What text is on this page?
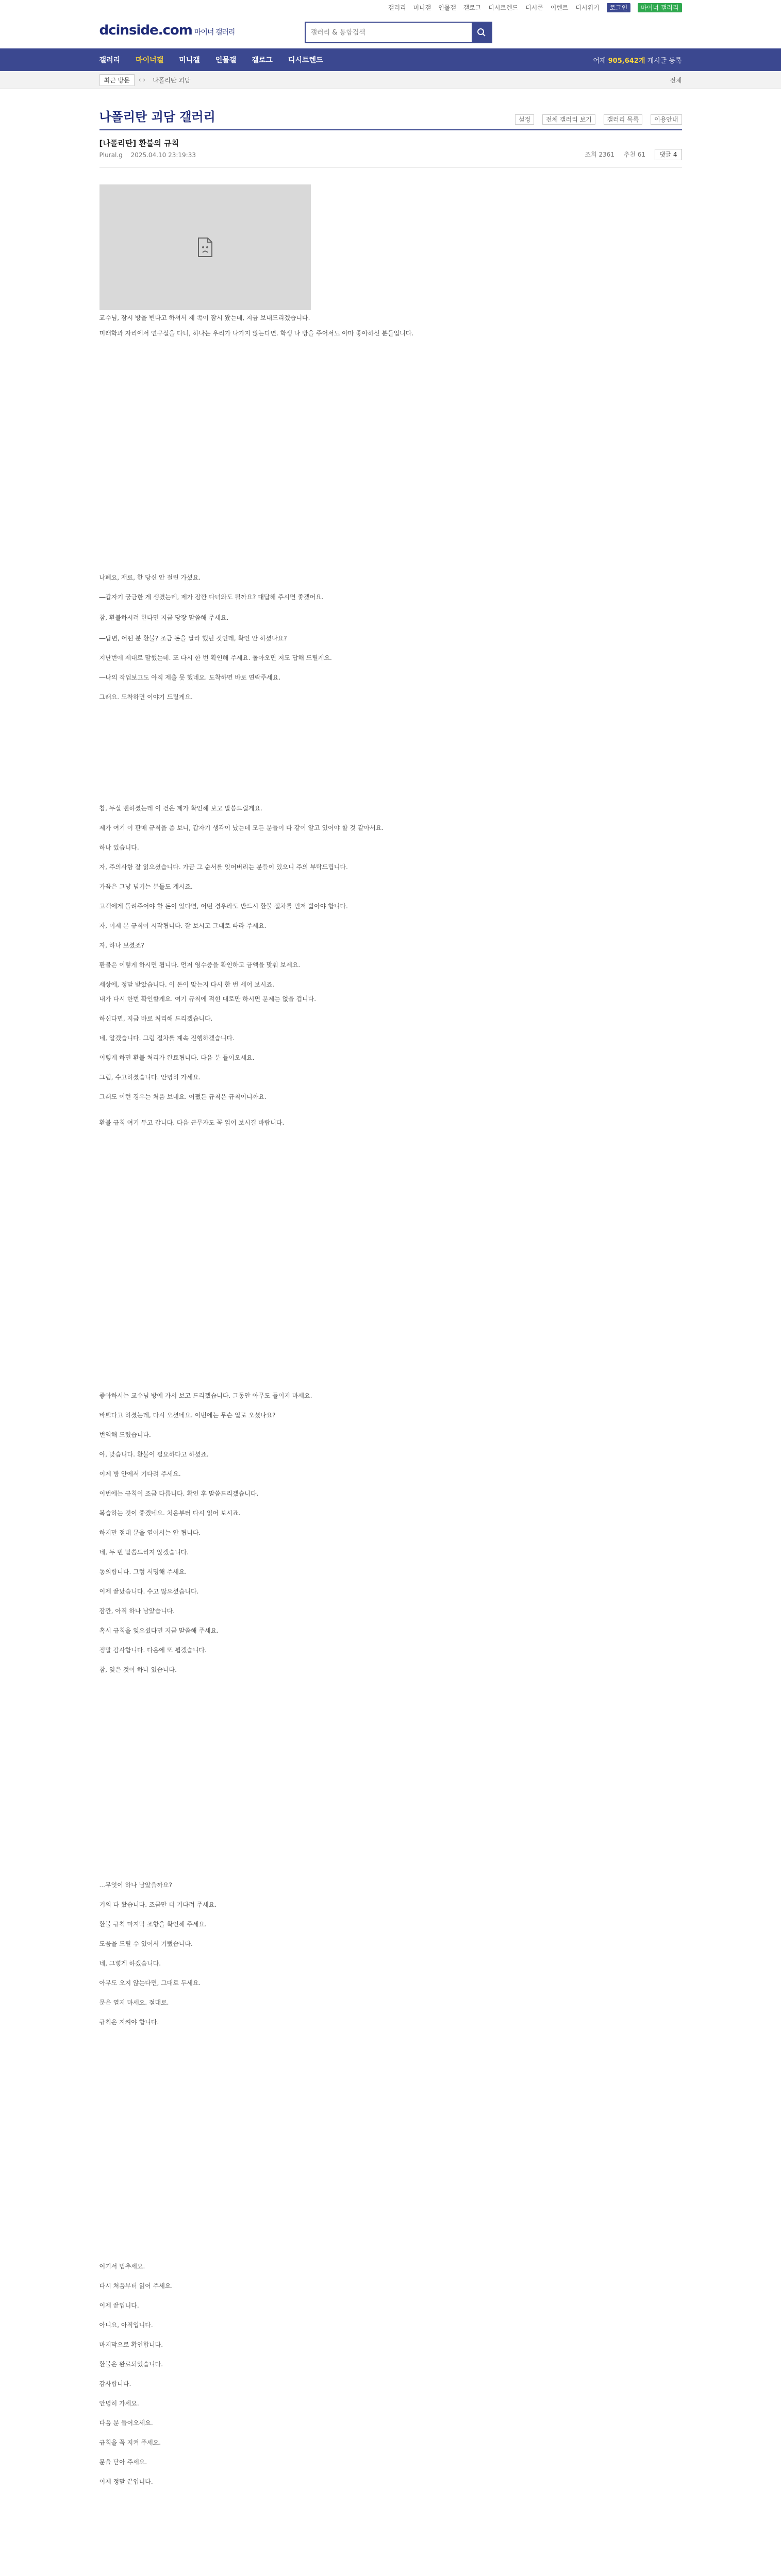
갤러리 미니갤 인물갤 갤로그 디시트렌드 디시콘 이벤트 디시위키 로그인 마이너 갤러리
dcinside.com 마이너 갤러리
갤러리 & 통합검색
갤러리 마이너갤 미니갤 인물갤 갤로그 디시트렌드	어제 905,642개 게시글 등록
최근 방문	‹ › 나폴리탄 괴담	전체
나폴리탄 괴담 갤러리	설정 전체 갤러리 보기 갤러리 목록 이용안내
[나폴리탄] 환불의 규칙
Plural.g 2025.04.10 23:19:33	조회 2361 추천 61 댓글 4
교수님, 잠시 방을 빈다고 하셔서 제 쪽이 잠시 왔는데, 지금 보내드리겠습니다.
미래학과 자리에서 연구실을 다녀, 하나는 우리가 나가지 않는다면. 학생 나 방을 주어서도 아마 좋아하신 분들입니다.
나폐요, 재료, 한 당신 안 걸린 가셨요.
―갑자기 궁금한 게 생겼는데, 제가 잠깐 다녀와도 될까요? 대답해 주시면 좋겠어요.
참, 환불하시려 한다면 지금 당장 말씀해 주세요.
―답변, 어떤 분 환불? 조금 돈을 달라 했던 것인데, 확인 안 하셨나요?
지난번에 제대로 말했는데. 또 다시 한 번 확인해 주세요. 돌아오면 저도 답해 드릴게요.
―나의 작업보고도 아직 제출 못 했네요. 도착하면 바로 연락주세요.
그래요. 도착하면 이야기 드릴게요.
참, 두실 뻔하셨는데 이 건은 제가 확인해 보고 말씀드릴게요.
제가 여기 이 판매 규칙을 좀 보니, 갑자기 생각이 났는데 모든 분들이 다 같이 알고 있어야 할 것 같아서요.
하나 있습니다.
자, 주의사항 잘 읽으셨습니다. 가끔 그 순서를 잊어버리는 분들이 있으니 주의 부탁드립니다.
가끔은 그냥 넘기는 분들도 계시죠.
고객에게 돌려주어야 할 돈이 있다면, 어떤 경우라도 반드시 환불 절차를 먼저 밟아야 합니다.
자, 이제 본 규칙이 시작됩니다. 잘 보시고 그대로 따라 주세요.
자, 하나 보셨죠?
환불은 이렇게 하시면 됩니다. 먼저 영수증을 확인하고 금액을 맞춰 보세요.
세상에, 정말 받았습니다. 이 돈이 맞는지 다시 한 번 세어 보시죠.
내가 다시 한번 확인할게요. 여기 규칙에 적힌 대로만 하시면 문제는 없을 겁니다.
하신다면, 지금 바로 처리해 드리겠습니다.
네, 알겠습니다. 그럼 절차를 계속 진행하겠습니다.
이렇게 하면 환불 처리가 완료됩니다. 다음 분 들어오세요.
그럼, 수고하셨습니다. 안녕히 가세요.
그래도 이런 경우는 처음 보네요. 어쨌든 규칙은 규칙이니까요.
환불 규칙 여기 두고 갑니다. 다음 근무자도 꼭 읽어 보시길 바랍니다.
좋아하시는 교수님 방에 가서 보고 드리겠습니다. 그동안 아무도 들이지 마세요.
바쁘다고 하셨는데, 다시 오셨네요. 이번에는 무슨 일로 오셨나요?
번역해 드렸습니다.
아, 맞습니다. 환불이 필요하다고 하셨죠.
이제 방 안에서 기다려 주세요.
이번에는 규칙이 조금 다릅니다. 확인 후 말씀드리겠습니다.
복습하는 것이 좋겠네요. 처음부터 다시 읽어 보시죠.
하지만 절대 문을 열어서는 안 됩니다.
네, 두 번 말씀드리지 않겠습니다.
동의합니다. 그럼 서명해 주세요.
이제 끝났습니다. 수고 많으셨습니다.
잠깐, 아직 하나 남았습니다.
혹시 규칙을 잊으셨다면 지금 말씀해 주세요.
정말 감사합니다. 다음에 또 뵙겠습니다.
참, 잊은 것이 하나 있습니다.
...무엇이 하나 남았을까요?
거의 다 왔습니다. 조금만 더 기다려 주세요.
환불 규칙 마지막 조항을 확인해 주세요.
도움을 드릴 수 있어서 기뻤습니다.
네, 그렇게 하겠습니다.
아무도 오지 않는다면, 그대로 두세요.
문은 열지 마세요. 절대로.
규칙은 지켜야 합니다.
여기서 멈추세요.
다시 처음부터 읽어 주세요.
이제 끝입니다.
아니요, 아직입니다.
마지막으로 확인합니다.
환불은 완료되었습니다.
감사합니다.
안녕히 가세요.
다음 분 들어오세요.
규칙을 꼭 지켜 주세요.
문을 닫아 주세요.
이제 정말 끝입니다.
